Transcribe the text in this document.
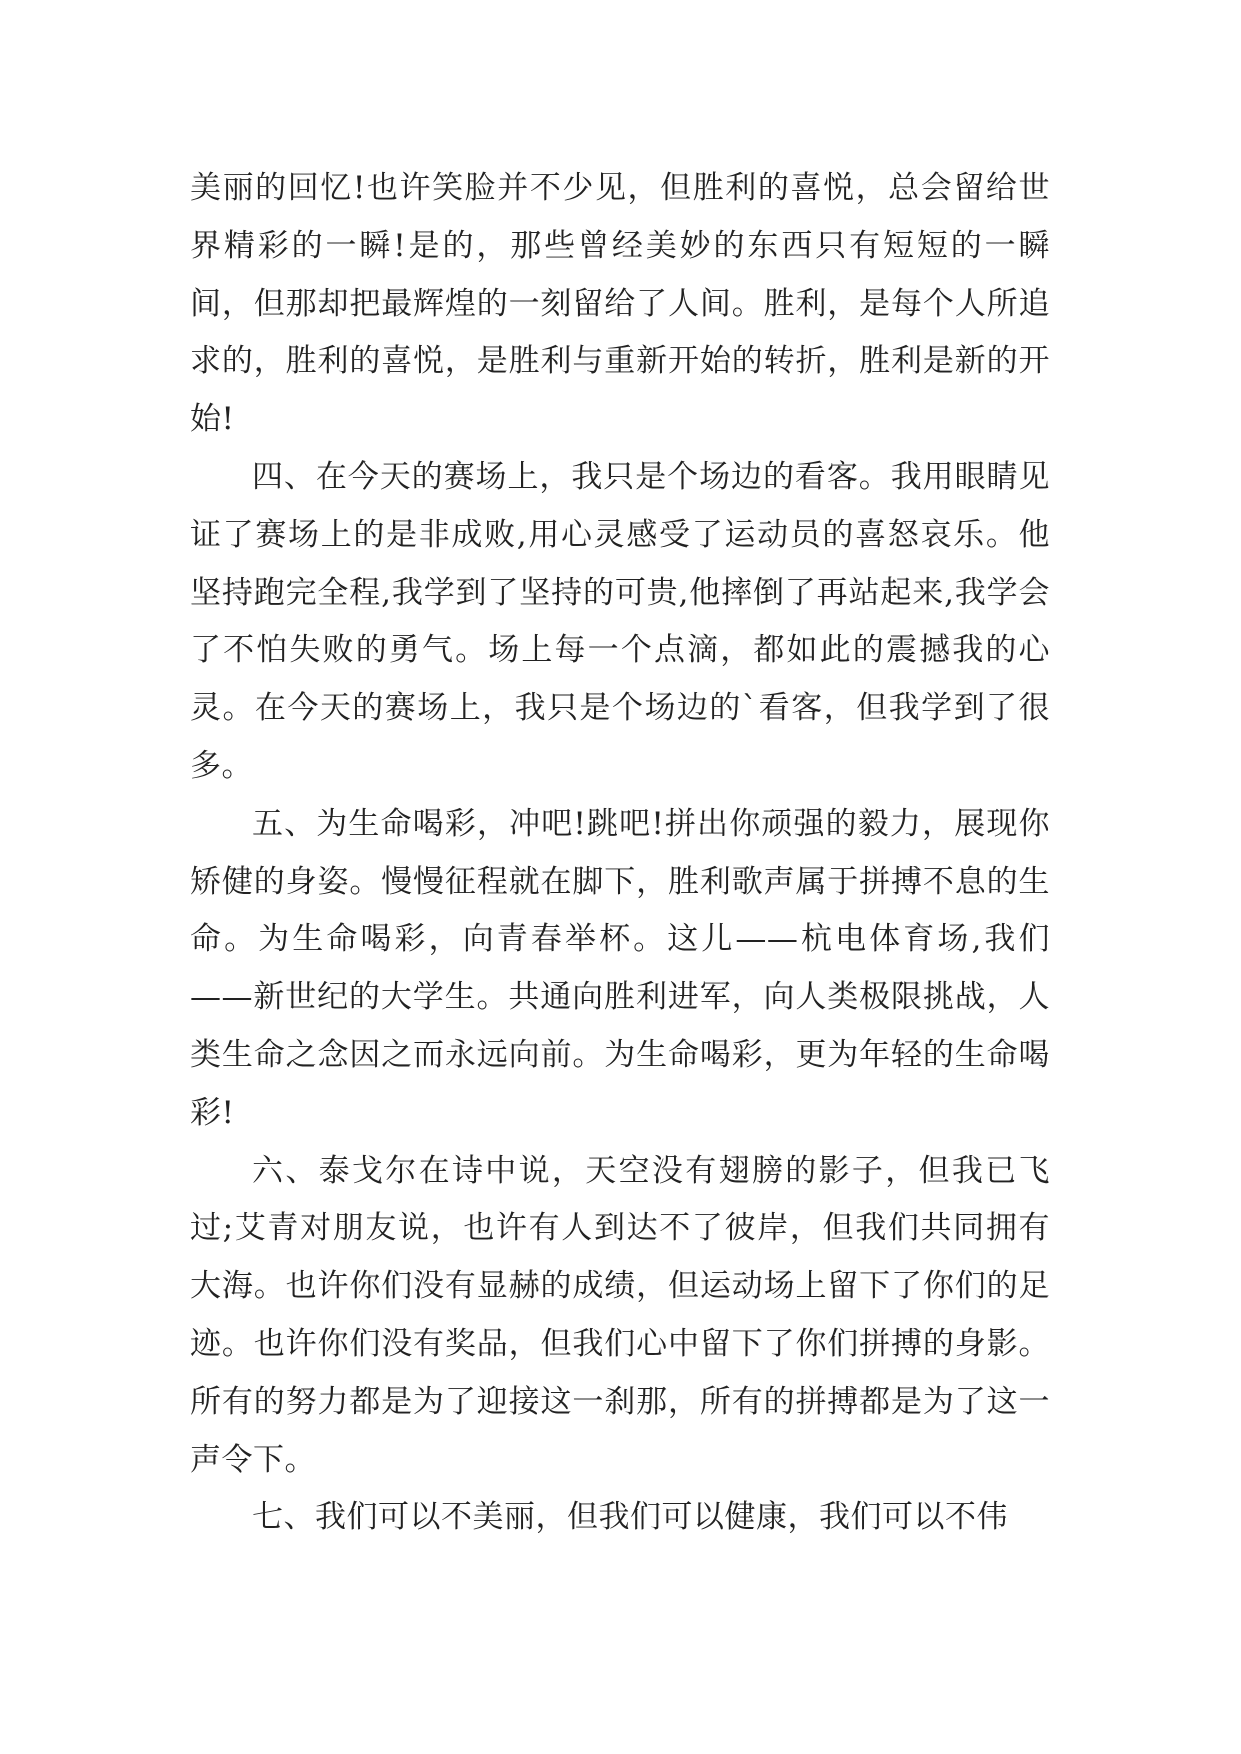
美丽的回忆!也许笑脸并不少见，但胜利的喜悦，总会留给世界精彩的一瞬!是的，那些曾经美妙的东西只有短短的一瞬间，但那却把最辉煌的一刻留给了人间。胜利，是每个人所追求的，胜利的喜悦，是胜利与重新开始的转折，胜利是新的开始!

四、在今天的赛场上，我只是个场边的看客。我用眼睛见证了赛场上的是非成败,用心灵感受了运动员的喜怒哀乐。他坚持跑完全程,我学到了坚持的可贵,他摔倒了再站起来,我学会了不怕失败的勇气。场上每一个点滴，都如此的震撼我的心灵。在今天的赛场上，我只是个场边的`看客，但我学到了很多。

五、为生命喝彩，冲吧!跳吧!拼出你顽强的毅力，展现你矫健的身姿。慢慢征程就在脚下，胜利歌声属于拼搏不息的生命。为生命喝彩，向青春举杯。这儿——杭电体育场,我们——新世纪的大学生。共通向胜利进军，向人类极限挑战，人类生命之念因之而永远向前。为生命喝彩，更为年轻的生命喝彩!

六、泰戈尔在诗中说，天空没有翅膀的影子，但我已飞过;艾青对朋友说，也许有人到达不了彼岸，但我们共同拥有大海。也许你们没有显赫的成绩，但运动场上留下了你们的足迹。也许你们没有奖品，但我们心中留下了你们拼搏的身影。所有的努力都是为了迎接这一刹那，所有的拼搏都是为了这一声令下。

七、我们可以不美丽，但我们可以健康，我们可以不伟
